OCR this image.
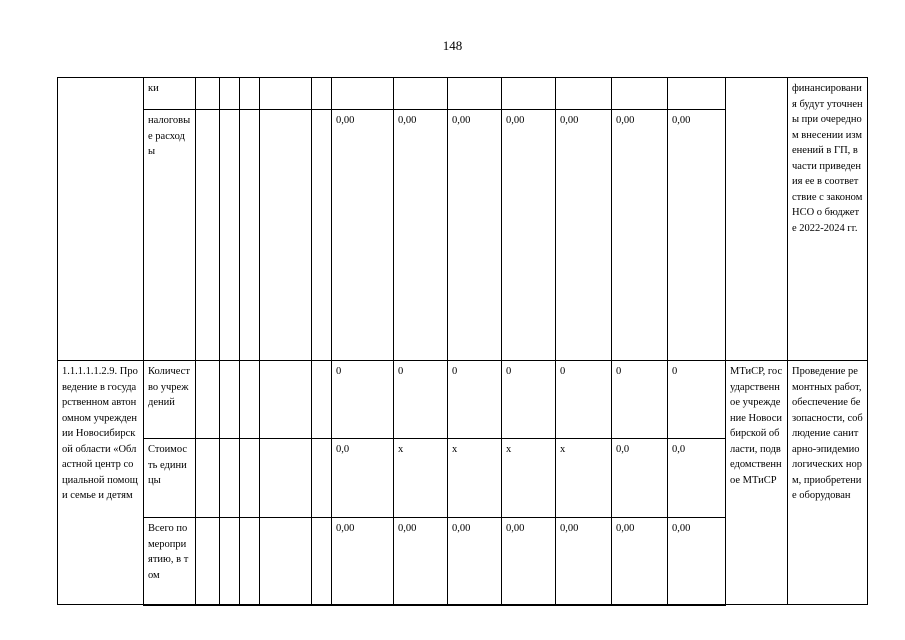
148
	ки														финансирования будут уточнены при очередном внесении изменений в ГП, в части приведения ее в соответствие с законом НСО о бюджете 2022-2024 гг.
	налоговые расходы						0,00	0,00	0,00	0,00	0,00	0,00	0,00		
1.1.1.1.1.2.9. Проведение в государственном автономном учреждении Новосибирской области «Областной центр социальной помощи семье и детям	Количество учреждений						0	0	0	0	0	0	0	МТиСР, государственное учреждение Новосибирской области, подведомственное МТиСР	Проведение ремонтных работ, обеспечение безопасности, соблюдение санитарно-эпидемиологических норм, приобретение оборудован
	Стоимость единицы						0,0	x	x	x	x	0,0	0,0		
	Всего по мероприятию, в том						0,00	0,00	0,00	0,00	0,00	0,00	0,00		
